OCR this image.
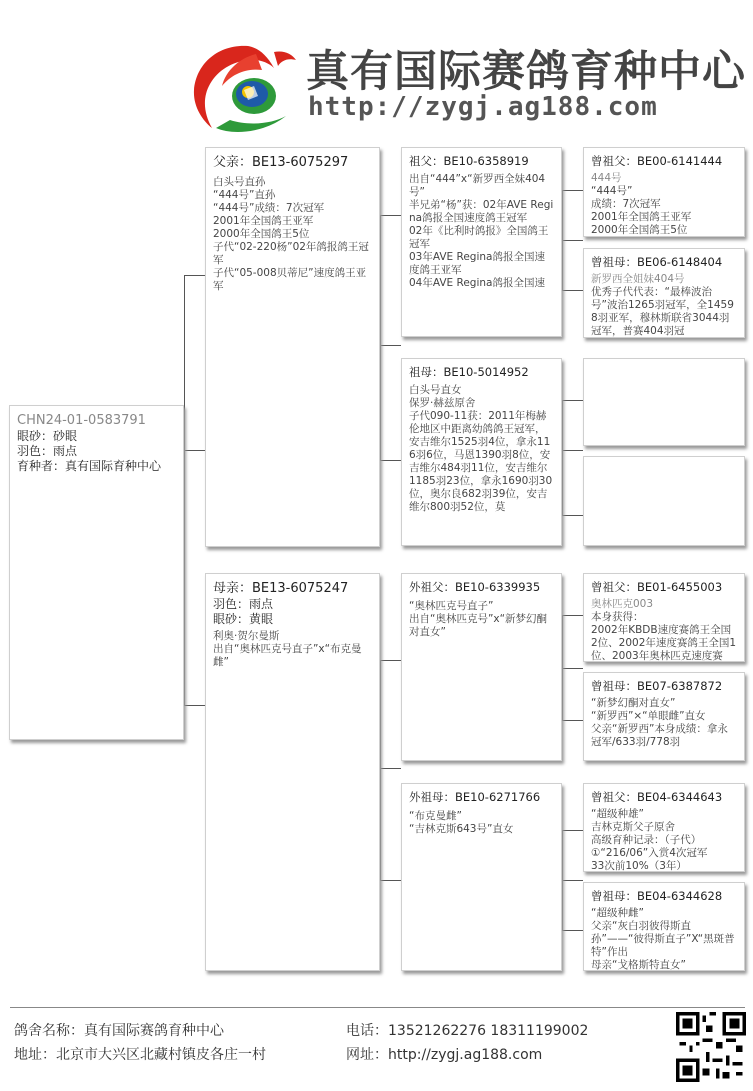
真有国际赛鸽育种中心
http://zygj.ag188.com
CHN24-01-0583791
眼砂：砂眼
羽色：雨点
育种者：真有国际育种中心
父亲：BE13-6075297
白头号直孙
“444号”直孙
“444号”成绩：7次冠军
2001年全国鸽王亚军
2000年全国鸽王5位
子代“02-220杨”02年鸽报鸽王冠军
子代“05-008贝蒂尼”速度鸽王亚军
母亲：BE13-6075247
羽色：雨点
眼砂：黄眼
利奥·贺尔曼斯
出自“奥林匹克号直子”x“布克曼雌”
祖父：BE10-6358919
出自“444”x“新罗西全妹404号”
半兄弟“杨”获：02年AVE Regina鸽报全国速度鸽王冠军
02年《比利时鸽报》全国鸽王冠军
03年AVE Regina鸽报全国速度鸽王亚军
04年AVE Regina鸽报全国速
祖母：BE10-5014952
白头号直女
保罗·赫兹原舍
子代090-11获：2011年梅赫伦地区中距离幼鸽鸽王冠军，安吉维尔1525羽4位，拿永116羽6位，马恩1390羽8位，安吉维尔484羽11位，安吉维尔1185羽23位，拿永1690羽30位，奥尔良682羽39位，安吉维尔800羽52位，莫
外祖父：BE10-6339935
“奥林匹克号直子”
出自“奥林匹克号”x“新梦幻酮对直女”
外祖母：BE10-6271766
“布克曼雌”
“吉林克斯643号”直女
曾祖父：BE00-6141444
444号
“444号”
成绩：7次冠军
2001年全国鸽王亚军
2000年全国鸽王5位
曾祖母：BE06-6148404
新罗西全姐妹404号
优秀子代代表：“最棒波治号”波治1265羽冠军，全14598羽亚军，穆林斯联省3044羽冠军，普赛404羽冠
曾祖父：BE01-6455003
奥林匹克003
本身获得：
2002年KBDB速度赛鸽王全国2位、2002年速度赛鸽王全国1位、2003年奥林匹克速度赛
曾祖母：BE07-6387872
“新梦幻酮对直女”
“新罗西”×“单眼雌”直女
父亲“新罗西”本身成绩：拿永冠军/633羽/778羽
曾祖父：BE04-6344643
“超级种雄”
吉林克斯父子原舍
高级育种记录：（子代）
①“216/06”入赏4次冠军
33次前10%（3年）
曾祖母：BE04-6344628
“超级种雌”
父亲“灰白羽彼得斯直孙”——“彼得斯直子”X“黑斑普特”作出
母亲“戈格斯特直女”
鸽舍名称：真有国际赛鸽育种中心
地址：北京市大兴区北藏村镇皮各庄一村
电话：13521262276 18311199002
网址：http://zygj.ag188.com
